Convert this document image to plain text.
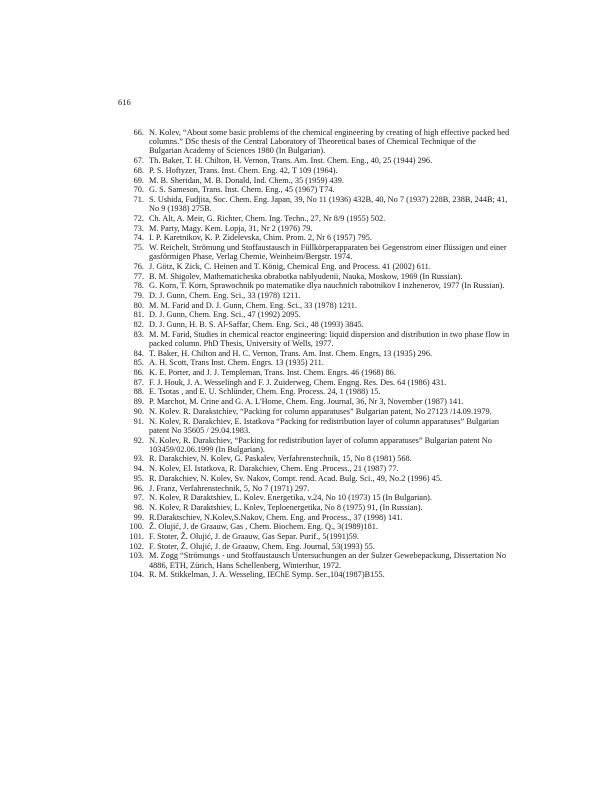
616
66. N. Kolev, “About some basic problems of the chemical engineering by creating of high effective packed bed columns.” DSc thesis of the Central Laboratory of Theoretical bases of Chemical Technique of the Bulgarian Academy of Sciences 1980 (In Bulgarian).
67. Th. Baker, T. H. Chilton, H. Vernon, Trans. Am. Inst. Chem. Eng., 40, 25 (1944) 296.
68. P. S. Hoftyzer, Trans. Inst. Chem. Eng. 42, T 109 (1964).
69. M. B. Sheridan, M. B. Donald, Ind. Chem., 35 (1959) 439.
70. G. S. Sameson, Trans. Inst. Chem. Eng., 45 (1967) T74.
71. S. Ushida, Fudjita, Soc. Chem. Eng. Japan, 39, No 11 (1936) 432B, 40, No 7 (1937) 228B, 238B, 244B; 41, No 9 (1938) 275B.
72. Ch. Alt, A. Meir, G. Richter, Chem. Ing. Techn., 27, Nr 8/9 (1955) 502.
73. M. Party, Magy. Kem. Lopja, 31, Nr 2 (1976) 79.
74. I. P. Karetnikov, K. P. Zidelevska, Chim. Prom. 2, Nr 6 (1957) 795.
75. W. Reichelt, Strömung und Stoffaustausch in Füllkörperapparaten bei Gegenstrom einer flüssigen und einer gasförmigen Phase, Verlag Chemie, Weinheim/Bergstr. 1974.
76. J. Götz, K Zick, C. Heinen and T. König, Chemical Eng. and Process. 41 (2002) 611.
77. B. M. Shigolev, Mathematicheska obrabotka nablyudenii, Nauka, Moskow, 1969 (In Russian).
78. G. Korn, T. Korn, Sprawochnik po matematike dlya nauchnich rabotnikov I inzhenerov, 1977 (In Russian).
79. D. J. Gunn, Chem. Eng. Sci., 33 (1978) 1211.
80. M. M. Farid and D. J. Gunn, Chem. Eng. Sci., 33 (1978) 1211.
81. D. J. Gunn, Chem. Eng. Sci., 47 (1992) 2095.
82. D. J. Gunn, H. B. S. Al-Saffar, Chem. Eng. Sci., 48 (1993) 3845.
83. M. M. Farid, Studies in chemical reactor engineering: liquid dispersion and distribution in two phase flow in packed column. PhD Thesis, University of Wells, 1977.
84. T. Baker, H. Chilton and H. C. Vernon, Trans. Am. Inst. Chem. Engrs, 13 (1935) 296.
85. A. H. Scott, Trans Inst. Chem. Engrs. 13 (1935) 211.
86. K. E. Porter, and J. J. Templeman, Trans. Inst. Chem. Engrs. 46 (1968) 86.
87. F. J. Houk, J. A. Wesselingh and F. J. Zuiderweg, Chem. Engng. Res. Des. 64 (1986) 431.
88. E. Tsotas , and E. U. Schlünder, Chem. Eng. Process. 24, 1 (1988) 15.
89. P. Marchot, M. Crine and G. A. L'Home, Chem. Eng. Journal, 36, Nr 3, November (1987) 141.
90. N. Kolev. R. Darakstchiev, “Packing for column apparatuses” Bulgarian patent, No 27123 /14.09.1979.
91. N. Kolev, R. Darakchiev, E. Istatkova “Packing for redistribution layer of column apparatuses” Bulgarian patent No 35605 / 29.04.1983.
92. N. Kolev, R. Darakchiev, “Packing for redistribution layer of column apparatuses” Bulgarian patent No 103459/02.06.1999 (In Bulgarian).
93. R. Darakchiev, N. Kolev, G. Paskalev, Verfahrenstechnik, 15, No 8 (1981) 568.
94. N. Kolev, El. Istatkova, R. Darakchiev, Chem. Eng .Process., 21 (1987) 77.
95. R. Darakchiev, N. Kolev, Sv. Nakov, Compt. rend. Acad. Bulg. Sci., 49, No.2 (1996) 45.
96. J. Franz, Verfahrenstechnik, 5, No 7 (1971) 297.
97. N. Kolev, R Daraktshiev, L. Kolev. Energetika, v.24, No 10 (1973) 15 (In Bulgarian).
98. N. Kolev, R Daraktshiev, L. Kolev, Teploenergetika, No 8 (1975) 91, (In Russian).
99. R.Daraktschiev, N.Kolev,S.Nakov, Chem. Eng. and Process., 37 (1998) 141.
100. Ž. Olujić, J. de Graauw, Gas , Chem. Biochem. Eng. Q., 3(1989)181.
101. F. Stoter, Ž. Olujić, J. de Graauw, Gas Separ. Purif., 5(1991)59.
102. F. Stoter, Ž. Olujić, J. de Graauw, Chem. Eng. Journal, 53(1993) 55.
103. M. Zogg “Strömungs - und Stoffaustausch Untersuchungen an der Sulzer Gewebepackung, Dissertation No 4886, ETH, Zürich, Hans Schellenberg, Winterthur, 1972.
104. R. M. Stikkelman, J. A. Wesseling, IEChE Symp. Ser.,104(1987)B155.
